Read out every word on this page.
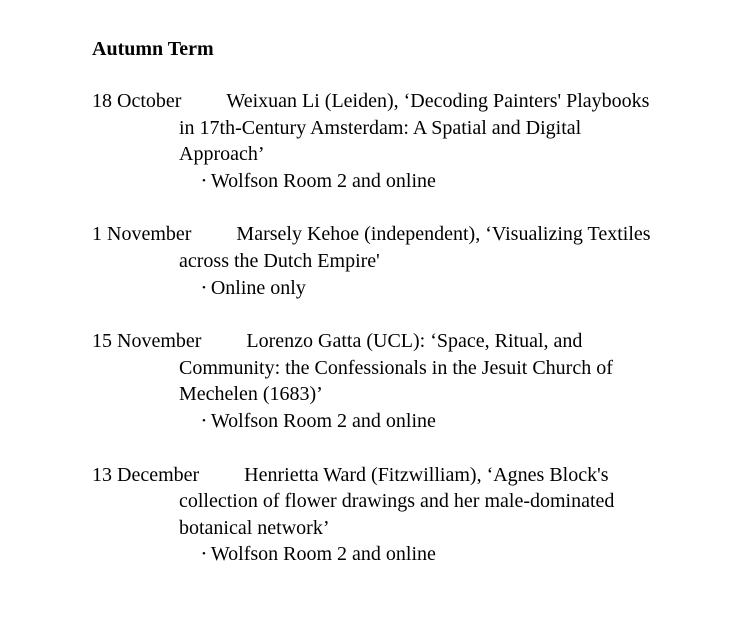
Autumn Term
18 October Weixuan Li (Leiden), ‘Decoding Painters' Playbooks in 17th-Century Amsterdam: A Spatial and Digital Approach’
• Wolfson Room 2 and online
1 November Marsely Kehoe (independent), ‘Visualizing Textiles across the Dutch Empire'
• Online only
15 November Lorenzo Gatta (UCL): ‘Space, Ritual, and Community: the Confessionals in the Jesuit Church of Mechelen (1683)’
• Wolfson Room 2 and online
13 December Henrietta Ward (Fitzwilliam), ‘Agnes Block's collection of flower drawings and her male-dominated botanical network’
• Wolfson Room 2 and online
